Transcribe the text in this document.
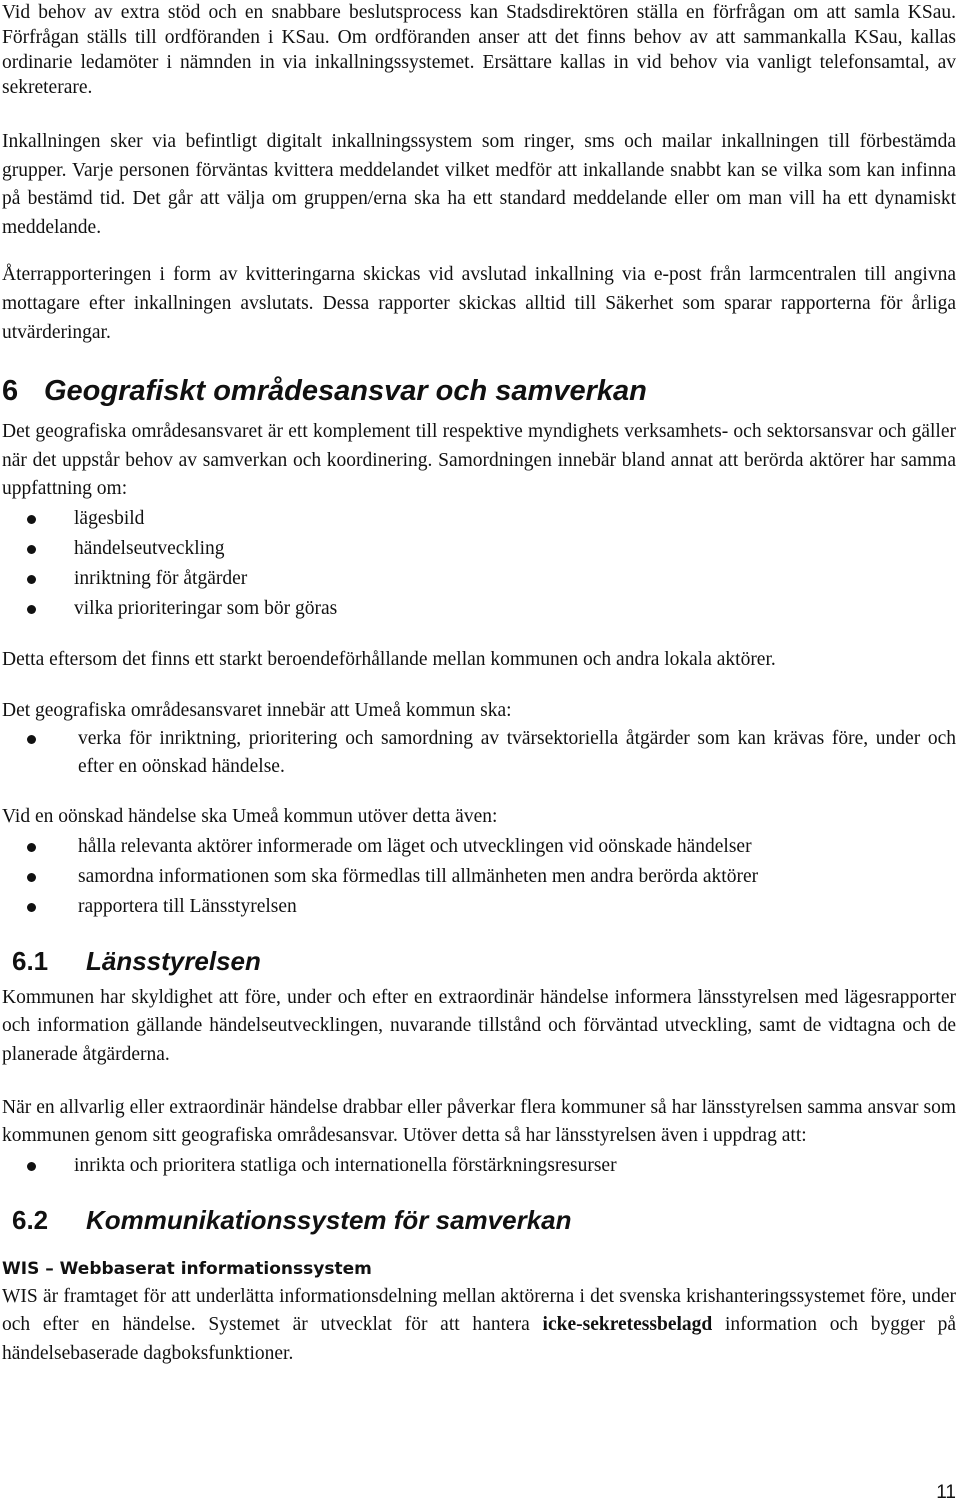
Vid behov av extra stöd och en snabbare beslutsprocess kan Stadsdirektören ställa en förfrågan om att samla KSau. Förfrågan ställs till ordföranden i KSau. Om ordföranden anser att det finns behov av att sammankalla KSau, kallas ordinarie ledamöter i nämnden in via inkallningssystemet. Ersättare kallas in vid behov via vanligt telefonsamtal, av sekreterare.

Inkallningen sker via befintligt digitalt inkallningssystem som ringer, sms och mailar inkallningen till förbestämda grupper. Varje personen förväntas kvittera meddelandet vilket medför att inkallande snabbt kan se vilka som kan infinna på bestämd tid. Det går att välja om gruppen/erna ska ha ett standard meddelande eller om man vill ha ett dynamiskt meddelande.

Återrapporteringen i form av kvitteringarna skickas vid avslutad inkallning via e-post från larmcentralen till angivna mottagare efter inkallningen avslutats. Dessa rapporter skickas alltid till Säkerhet som sparar rapporterna för årliga utvärderingar.

6 Geografiskt områdesansvar och samverkan

Det geografiska områdesansvaret är ett komplement till respektive myndighets verksamhets- och sektorsansvar och gäller när det uppstår behov av samverkan och koordinering. Samordningen innebär bland annat att berörda aktörer har samma uppfattning om:

lägesbild
händelseutveckling
inriktning för åtgärder
vilka prioriteringar som bör göras

Detta eftersom det finns ett starkt beroendeförhållande mellan kommunen och andra lokala aktörer.

Det geografiska områdesansvaret innebär att Umeå kommun ska:

verka för inriktning, prioritering och samordning av tvärsektoriella åtgärder som kan krävas före, under och efter en oönskad händelse.

Vid en oönskad händelse ska Umeå kommun utöver detta även:

hålla relevanta aktörer informerade om läget och utvecklingen vid oönskade händelser
samordna informationen som ska förmedlas till allmänheten men andra berörda aktörer
rapportera till Länsstyrelsen
6.1 Länsstyrelsen

Kommunen har skyldighet att före, under och efter en extraordinär händelse informera länsstyrelsen med lägesrapporter och information gällande händelseutvecklingen, nuvarande tillstånd och förväntad utveckling, samt de vidtagna och de planerade åtgärderna.

När en allvarlig eller extraordinär händelse drabbar eller påverkar flera kommuner så har länsstyrelsen samma ansvar som kommunen genom sitt geografiska områdesansvar. Utöver detta så har länsstyrelsen även i uppdrag att:

inrikta och prioritera statliga och internationella förstärkningsresurser
6.2 Kommunikationssystem för samverkan
WIS – Webbaserat informationssystem

WIS är framtaget för att underlätta informationsdelning mellan aktörerna i det svenska krishanteringssystemet före, under och efter en händelse. Systemet är utvecklat för att hantera icke-sekretessbelagd information och bygger på händelsebaserade dagboksfunktioner.

11
